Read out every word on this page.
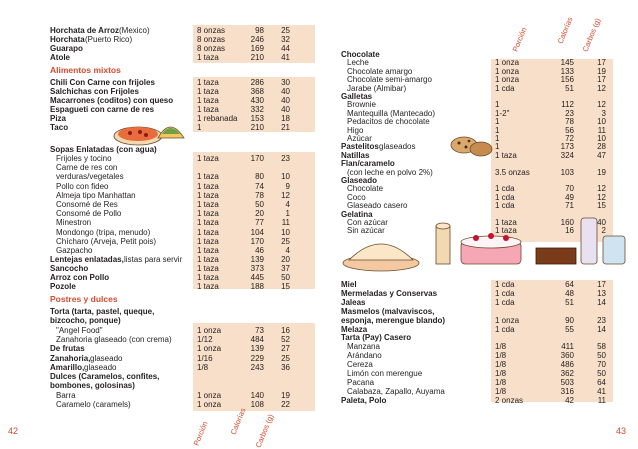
Horchata de Arroz (Mexico)	8 onzas	98	25
Horchata (Puerto Rico)	8 onzas	246	32
Guarapo	8 onzas	169	44
Atole	1 taza	210	41
Alimentos mixtos
Chili Con Carne con frijoles	1 taza	286	30
Salchichas con Frijoles	1 taza	368	40
Macarrones (coditos) con queso	1 taza	430	40
Espagueti con carne de res	1 taza	332	40
Piza	1 rebanada	153	18
Taco	1	210	21
Sopas Enlatadas (con agua)
Frijoles y tocino	1 taza	170	23
Carne de res con
verduras/vegetales	1 taza	80	10
Pollo con fideo	1 taza	74	9
Almeja tipo Manhattan	1 taza	78	12
Consomé de Res	1 taza	50	4
Consomé de Pollo	1 taza	20	1
Minestron	1 taza	77	11
Mondongo (tripa, menudo)	1 taza	104	10
Chícharo (Arveja, Petit pois)	1 taza	170	25
Gazpacho	1 taza	46	4
Lentejas enlatadas, listas para servir 1 taza	139	20
Sancocho	1 taza	373	37
Arroz con Pollo	1 taza	445	50
Pozole	1 taza	188	15
Postres y dulces
Torta (tarta, pastel, queque,
bizcocho, ponque)
"Angel Food"	1 onza	73	16
Zanahoria glaseado (con crema)	1/12	484	52
De frutas	1 onza	139	27
Zanahoria, glaseado	1/16	229	25
Amarillo, glaseado	1/8	243	36
Dulces (Caramelos, confites,
bombones, golosinas)
Barra	1 onza	140	19
Caramelo (caramels)	1 onza	108	22
Porción	Calorías Carbos (g)
42
Porción	Calorías Carbos (g)
Chocolate
Leche	1 onza	145	17
Chocolate amargo	1 onza	133	19
Chocolate semi-amargo	1 onza	156	17
Jarabe (Almibar)	1 cda	51	12
Galletas
Brownie	1	112	12
Mantequilla (Mantecado)	1-2"	23	3
Pedacitos de chocolate	1	78	10
Higo	1	56	11
Azúcar	1	72	10
Pastelitos glaseados	1	173	28
Natillas	1 taza	324	47
Flan/caramelo
(con leche en polvo 2%)	3.5 onzas	103	19
Glaseado
Chocolate	1 cda	70	12
Coco	1 cda	49	12
Glaseado casero	1 cda	71	15
Gelatina
Con azúcar	1 taza	160	40
Sin azúcar	1 taza	16	2
Miel	1 cda	64	17
Mermeladas y Conservas	1 cda	48	13
Jaleas	1 cda	51	14
Masmelos (malvaviscos,
esponja, merengue blando)	1 onza	90	23
Melaza	1 cda	55	14
Tarta (Pay) Casero
Manzana	1/8	411	58
Arándano	1/8	360	50
Cereza	1/8	486	70
Limón con merengue	1/8	362	50
Pacana	1/8	503	64
Calabaza, Zapallo, Auyama	1/8	316	41
Paleta, Polo	2 onzas	42	11
43
